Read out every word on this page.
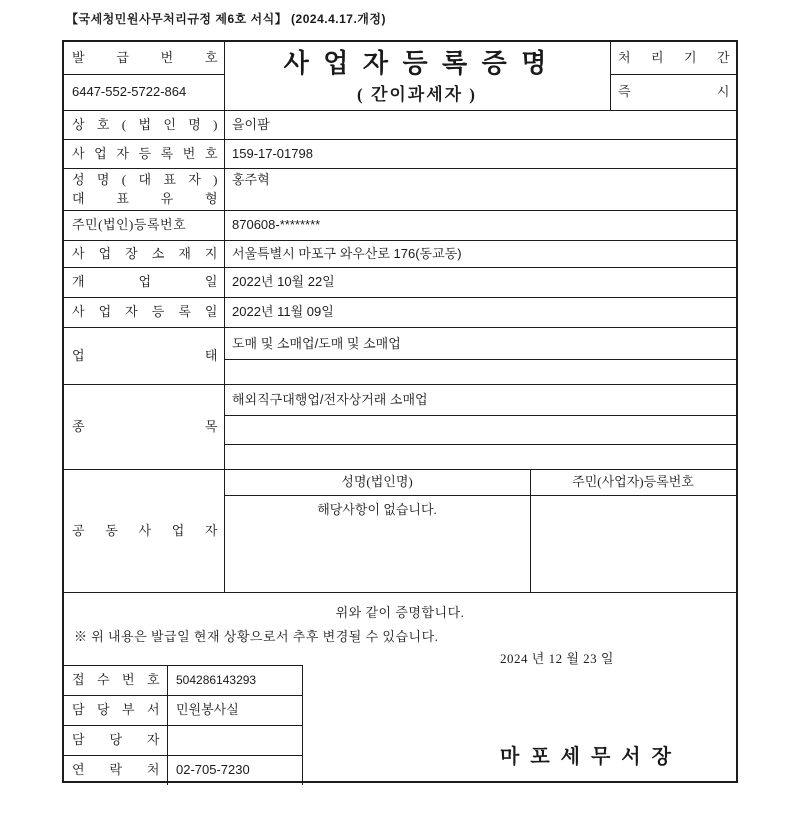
【국세청민원사무처리규정 제6호 서식】 (2024.4.17.개정)
발 급 번 호
6447-552-5722-864
사 업 자 등 록 증 명
( 간이과세자 )
처 리 기 간
즉 시
상 호 ( 법 인 명 ) 을이팜
사 업 자 등 록 번 호 159-17-01798
성 명 ( 대 표 자 )
대 표 유 형
홍주혁
주민(법인)등록번호	870608-********
사 업 장 소 재 지 서울특별시 마포구 와우산로 176(동교동)
개 업 일 2022년 10월 22일
사 업 자 등 록 일 2022년 11월 09일
업 태
도매 및 소매업/도매 및 소매업
종 목
해외직구대행업/전자상거래 소매업
공 동 사 업 자
성명(법인명)	주민(사업자)등록번호
해당사항이 없습니다.
위와 같이 증명합니다.
※ 위 내용은 발급일 현재 상황으로서 추후 변경될 수 있습니다.
2024 년 12 월 23 일
접 수 번 호 504286143293
담 당 부 서 민원봉사실
담 당 자
연 락 처 02-705-7230
마 포 세 무 서 장
